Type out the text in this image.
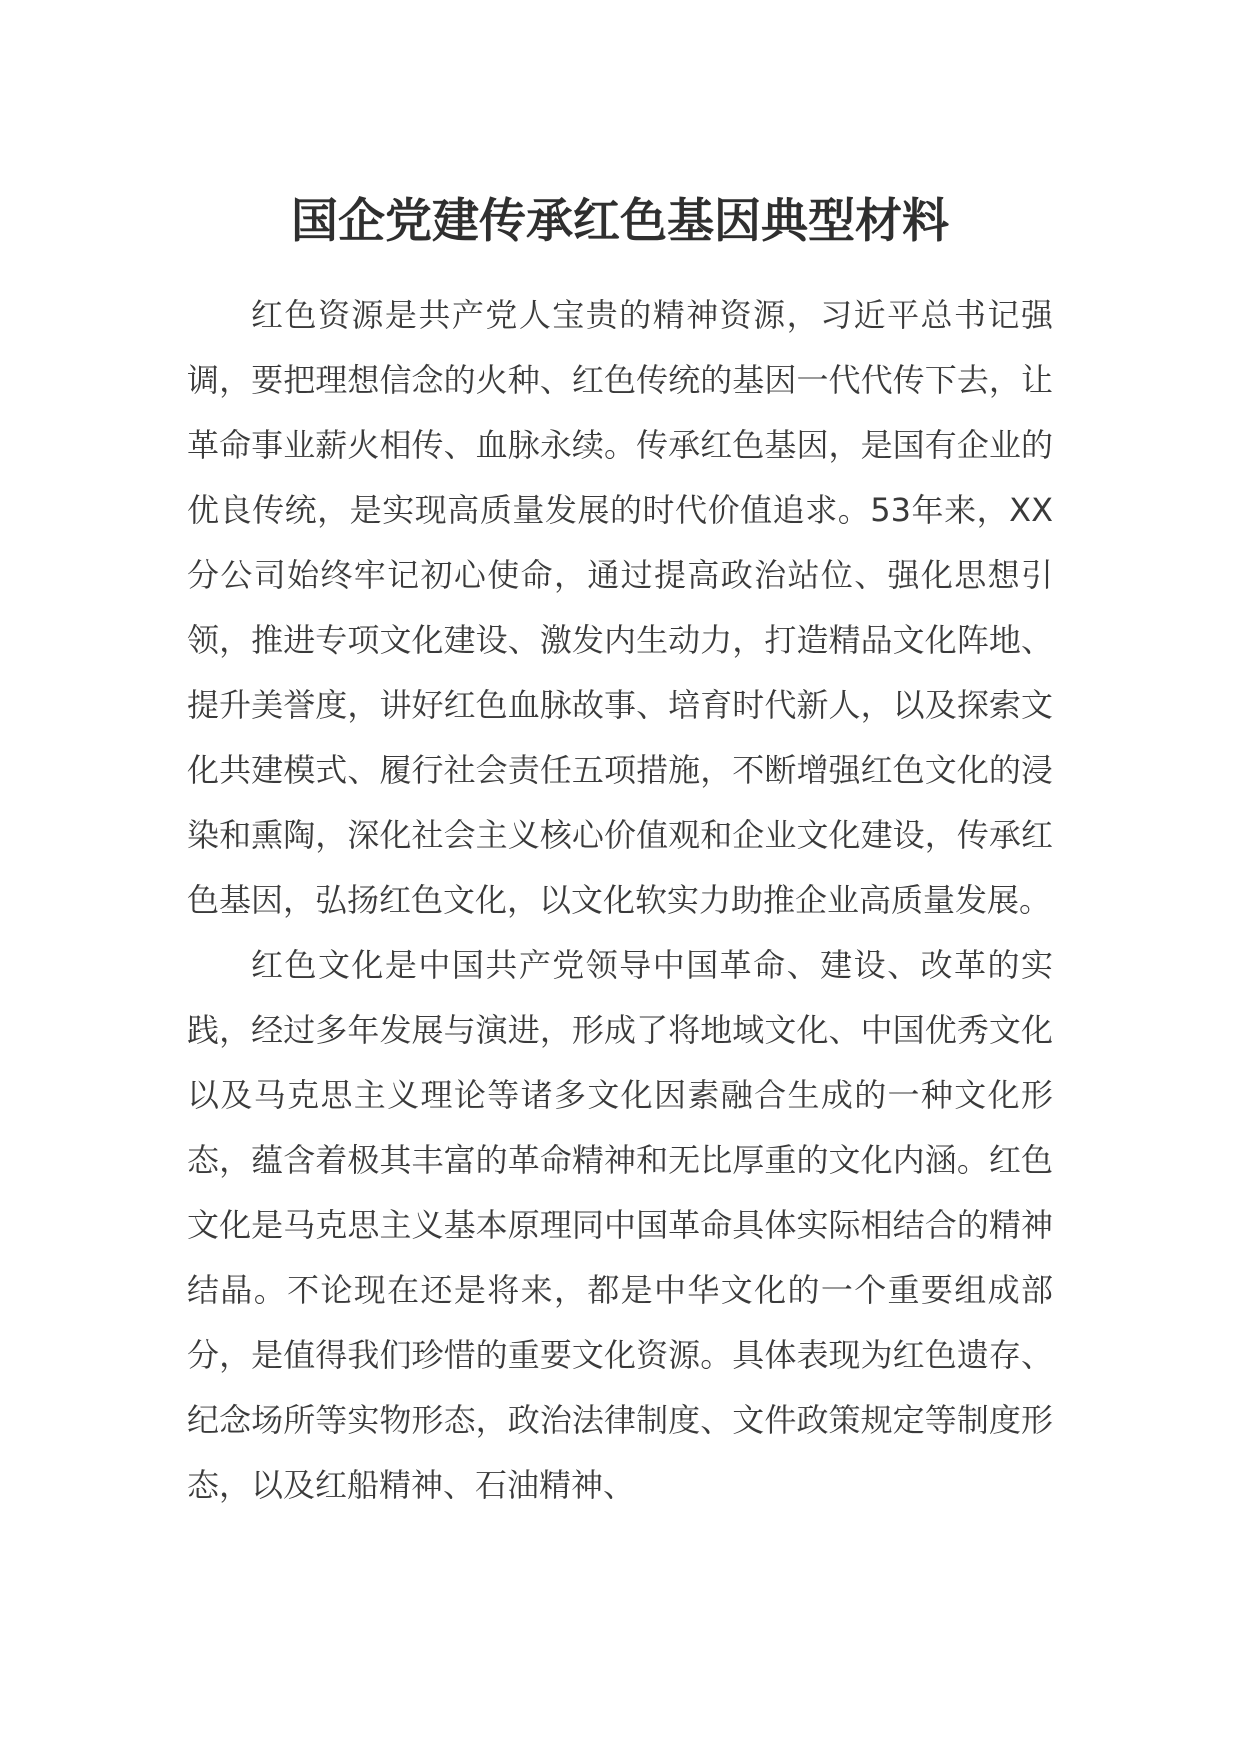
国企党建传承红色基因典型材料

红色资源是共产党人宝贵的精神资源，习近平总书记强调，要把理想信念的火种、红色传统的基因一代代传下去，让革命事业薪火相传、血脉永续。传承红色基因，是国有企业的优良传统，是实现高质量发展的时代价值追求。53年来，XX分公司始终牢记初心使命，通过提高政治站位、强化思想引领，推进专项文化建设、激发内生动力，打造精品文化阵地、提升美誉度，讲好红色血脉故事、培育时代新人，以及探索文化共建模式、履行社会责任五项措施，不断增强红色文化的浸染和熏陶，深化社会主义核心价值观和企业文化建设，传承红色基因，弘扬红色文化，以文化软实力助推企业高质量发展。

红色文化是中国共产党领导中国革命、建设、改革的实践，经过多年发展与演进，形成了将地域文化、中国优秀文化以及马克思主义理论等诸多文化因素融合生成的一种文化形态，蕴含着极其丰富的革命精神和无比厚重的文化内涵。红色文化是马克思主义基本原理同中国革命具体实际相结合的精神结晶。不论现在还是将来，都是中华文化的一个重要组成部分，是值得我们珍惜的重要文化资源。具体表现为红色遗存、纪念场所等实物形态，政治法律制度、文件政策规定等制度形态，以及红船精神、石油精神、
